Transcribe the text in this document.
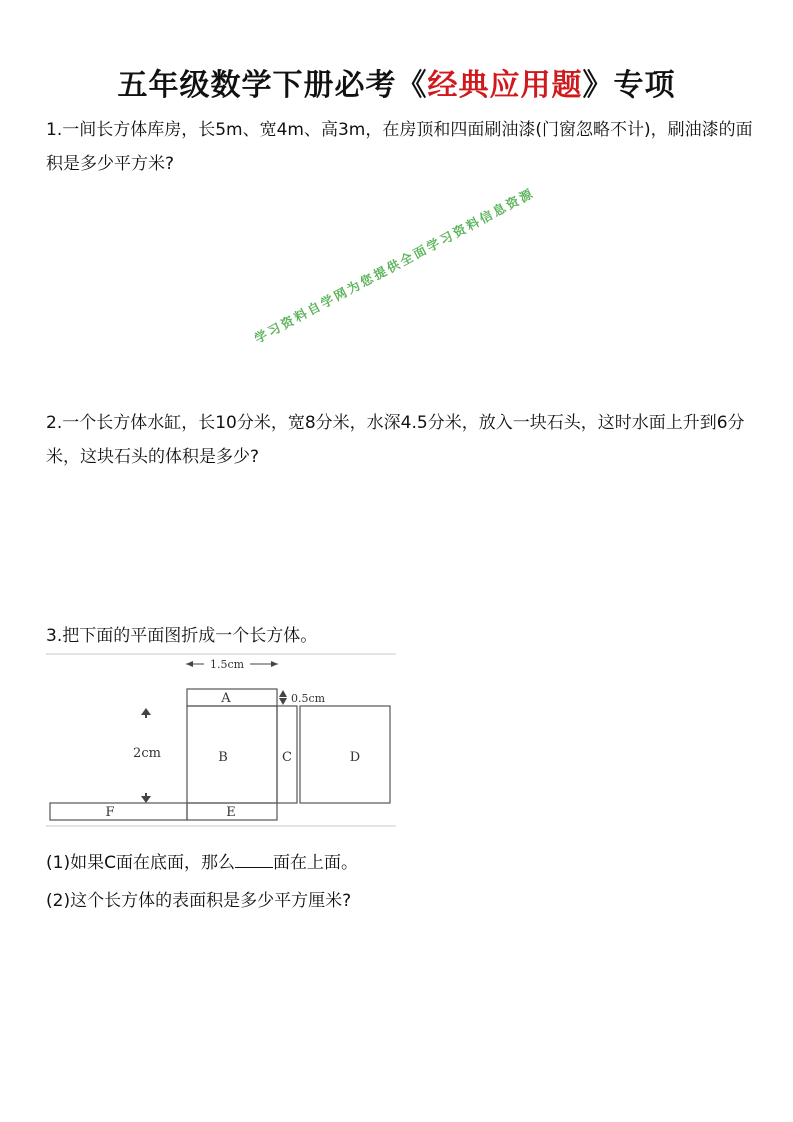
五年级数学下册必考《经典应用题》专项
1.一间长方体库房，长5m、宽4m、高3m，在房顶和四面刷油漆(门窗忽略不计)，刷油漆的面积是多少平方米?
学习资料自学网为您提供全面学习资料信息资源
2.一个长方体水缸，长10分米，宽8分米，水深4.5分米，放入一块石头，这时水面上升到6分米，这块石头的体积是多少?
3.把下面的平面图折成一个长方体。
1.5cm
A
B	C	D
E
F
0.5cm
2cm
(1)如果C面在底面，那么 面在上面。
(2)这个长方体的表面积是多少平方厘米?
